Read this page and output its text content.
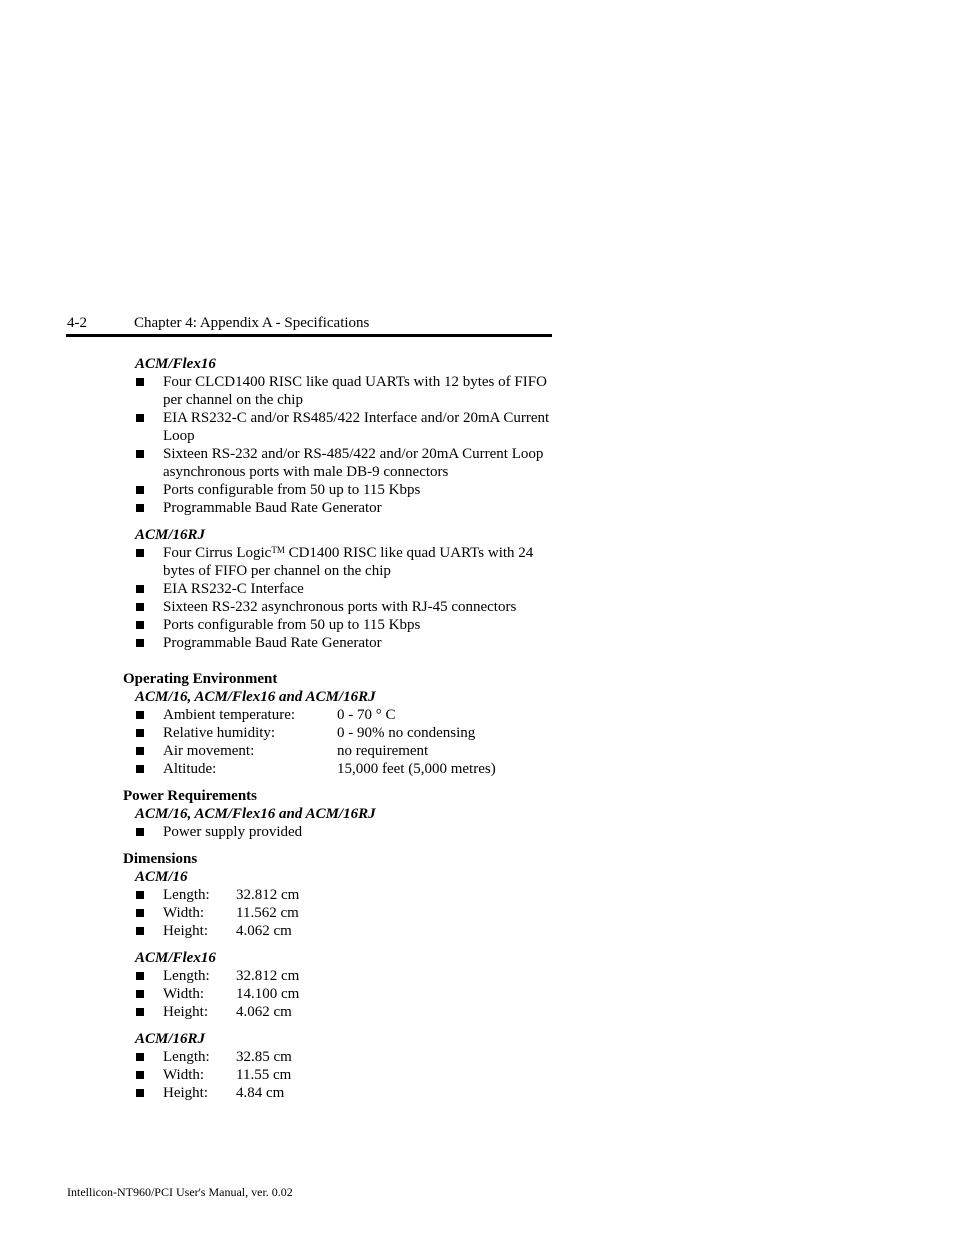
4-2	Chapter 4: Appendix A - Specifications
ACM/Flex16
Four CLCD1400 RISC like quad UARTs with 12 bytes of FIFO per channel on the chip
EIA RS232-C and/or RS485/422 Interface and/or 20mA Current Loop
Sixteen RS-232 and/or RS-485/422 and/or 20mA Current Loop asynchronous ports with male DB-9 connectors
Ports configurable from 50 up to 115 Kbps
Programmable Baud Rate Generator
ACM/16RJ
Four Cirrus Logic™ CD1400 RISC like quad UARTs with 24 bytes of FIFO per channel on the chip
EIA RS232-C Interface
Sixteen RS-232 asynchronous ports with RJ-45 connectors
Ports configurable from 50 up to 115 Kbps
Programmable Baud Rate Generator
Operating Environment
ACM/16, ACM/Flex16 and ACM/16RJ
Ambient temperature:	0 - 70 ° C
Relative humidity:	0 - 90% no condensing
Air movement:	no requirement
Altitude:	15,000 feet (5,000 metres)
Power Requirements
ACM/16, ACM/Flex16 and ACM/16RJ
Power supply provided
Dimensions
ACM/16
Length: 32.812 cm
Width: 11.562 cm
Height: 4.062 cm
ACM/Flex16
Length: 32.812 cm
Width: 14.100 cm
Height: 4.062 cm
ACM/16RJ
Length: 32.85 cm
Width: 11.55 cm
Height: 4.84 cm
Intellicon-NT960/PCI User's Manual, ver. 0.02
